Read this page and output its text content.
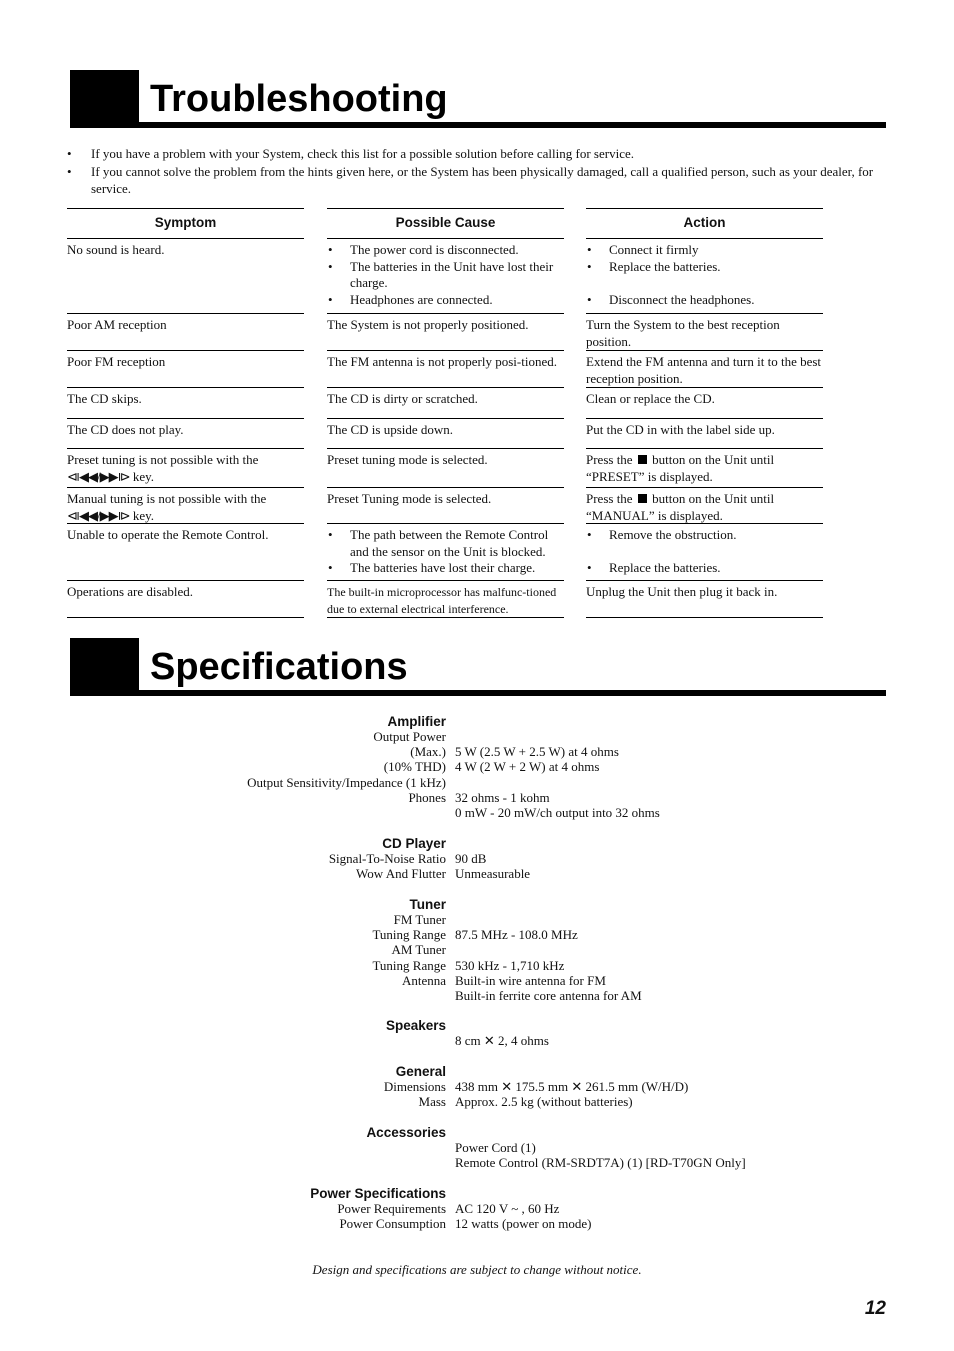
Troubleshooting
• If you have a problem with your System, check this list for a possible solution before calling for service.
• If you cannot solve the problem from the hints given here, or the System has been physically damaged, call a qualified person, such as your dealer, for service.
Symptom
No sound is heard.
Poor AM reception
Poor FM reception
The CD skips.
The CD does not play.
Preset tuning is not possible with the
⧏◀◀/▶▶⧐ key.
Manual tuning is not possible with the
⧏◀◀/▶▶⧐ key.
Unable to operate the Remote Control.
Operations are disabled.
Possible Cause
• The power cord is disconnected.
• The batteries in the Unit have lost their charge.
• Headphones are connected.
The System is not properly positioned.
The FM antenna is not properly posi-tioned.
The CD is dirty or scratched.
The CD is upside down.
Preset tuning mode is selected.
Preset Tuning mode is selected.
• The path between the Remote Control and the sensor on the Unit is blocked.
• The batteries have lost their charge.
The built-in microprocessor has malfunc-tioned due to external electrical interference.
Action
• Connect it firmly
• Replace the batteries.
• Disconnect the headphones.
Turn the System to the best reception position.
Extend the FM antenna and turn it to the best reception position.
Clean or replace the CD.
Put the CD in with the label side up.
Press the button on the Unit until
“PRESET” is displayed.
Press the button on the Unit until
“MANUAL” is displayed.
• Remove the obstruction.
• Replace the batteries.
Unplug the Unit then plug it back in.
Specifications
Amplifier
Output Power
(Max.) 5 W (2.5 W + 2.5 W) at 4 ohms
(10% THD) 4 W (2 W + 2 W) at 4 ohms
Output Sensitivity/Impedance (1 kHz)
Phones 32 ohms - 1 kohm
0 mW - 20 mW/ch output into 32 ohms
CD Player
Signal-To-Noise Ratio 90 dB
Wow And Flutter Unmeasurable
Tuner
FM Tuner
Tuning Range 87.5 MHz - 108.0 MHz
AM Tuner
Tuning Range 530 kHz - 1,710 kHz
Antenna Built-in wire antenna for FM
Built-in ferrite core antenna for AM
Speakers
8 cm ✕ 2, 4 ohms
General
Dimensions 438 mm ✕ 175.5 mm ✕ 261.5 mm (W/H/D)
Mass Approx. 2.5 kg (without batteries)
Accessories
Power Cord (1)
Remote Control (RM-SRDT7A) (1) [RD-T70GN Only]
Power Specifications
Power Requirements AC 120 V ~ , 60 Hz
Power Consumption 12 watts (power on mode)
Design and specifications are subject to change without notice.
12
